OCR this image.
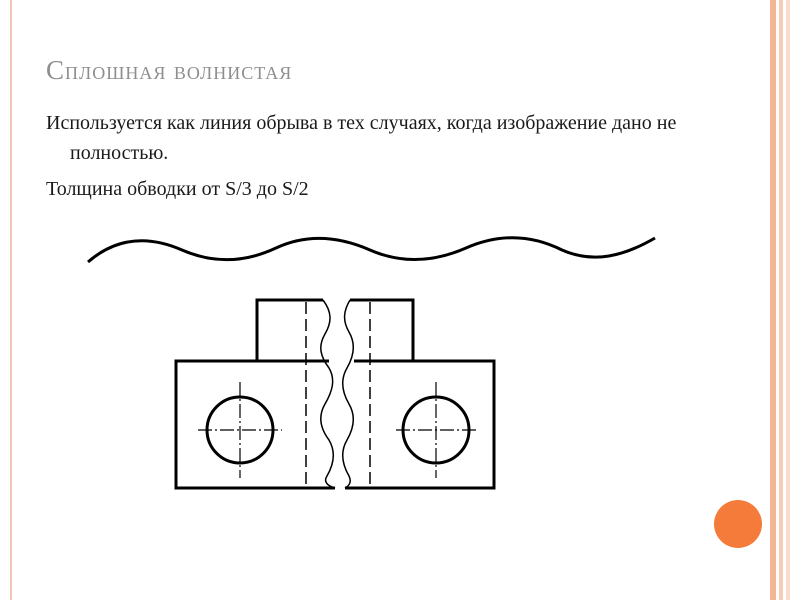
Сплошная волнистая

Используется как линия обрыва в тех случаях, когда изображение дано не полностью.

Толщина обводки от S/3 до S/2
